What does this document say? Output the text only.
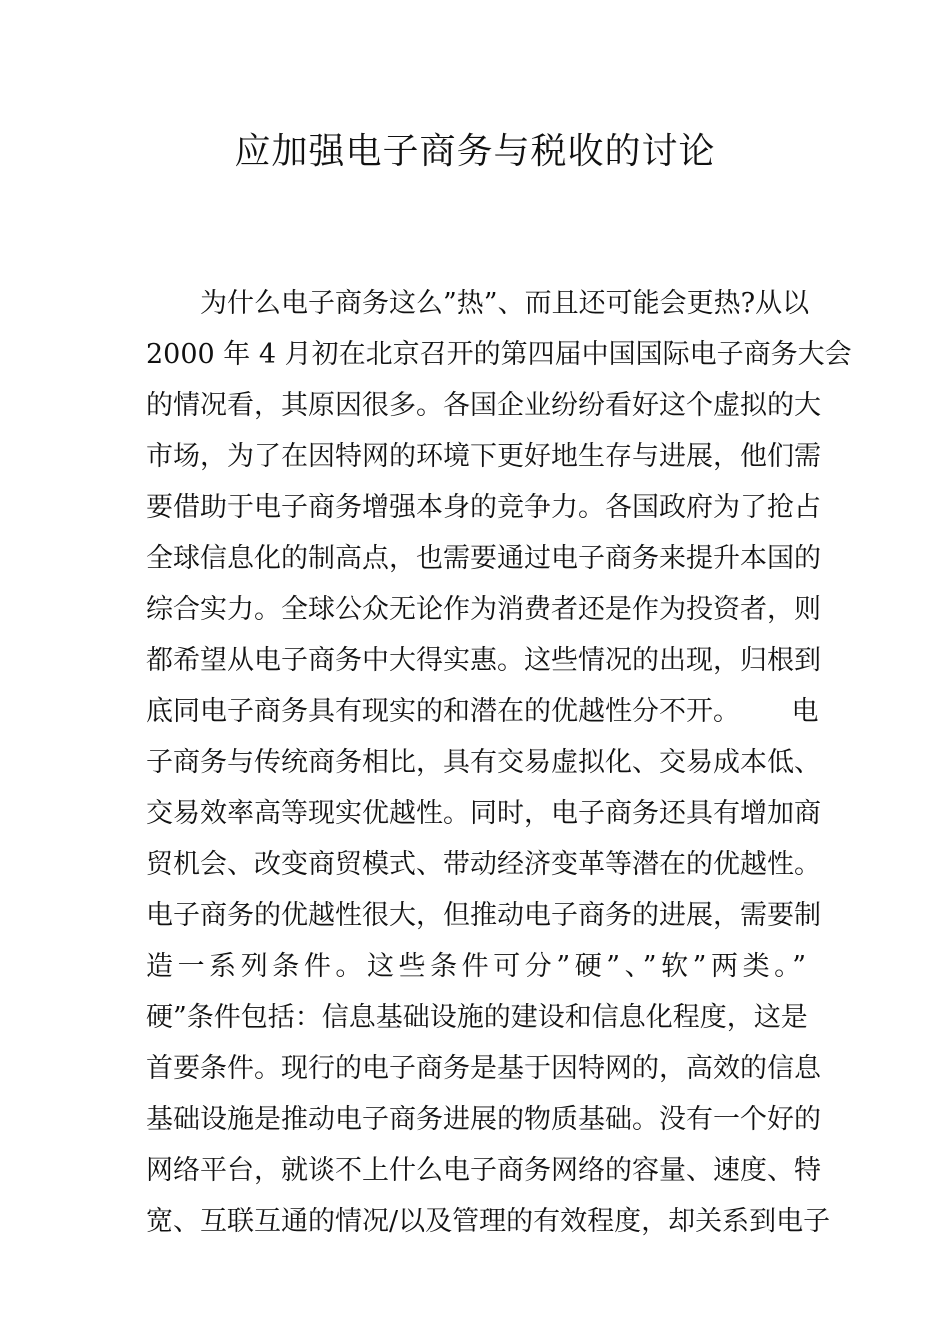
应加强电子商务与税收的讨论
为什么电子商务这么”热”、而且还可能会更热?从以
2000 年 4 月初在北京召开的第四届中国国际电子商务大会
的情况看，其原因很多。各国企业纷纷看好这个虚拟的大
市场，为了在因特网的环境下更好地生存与进展，他们需
要借助于电子商务增强本身的竞争力。各国政府为了抢占
全球信息化的制高点，也需要通过电子商务来提升本国的
综合实力。全球公众无论作为消费者还是作为投资者，则
都希望从电子商务中大得实惠。这些情况的出现，归根到
底同电子商务具有现实的和潜在的优越性分不开。      电
子商务与传统商务相比，具有交易虚拟化、交易成本低、
交易效率高等现实优越性。同时，电子商务还具有增加商
贸机会、改变商贸模式、带动经济变革等潜在的优越性。
电子商务的优越性很大，但推动电子商务的进展，需要制
造一系列条件。这些条件可分”硬”、”软”两类。”
硬”条件包括：信息基础设施的建设和信息化程度，这是
首要条件。现行的电子商务是基于因特网的，高效的信息
基础设施是推动电子商务进展的物质基础。没有一个好的
网络平台，就谈不上什么电子商务网络的容量、速度、特
宽、互联互通的情况/以及管理的有效程度，却关系到电子
